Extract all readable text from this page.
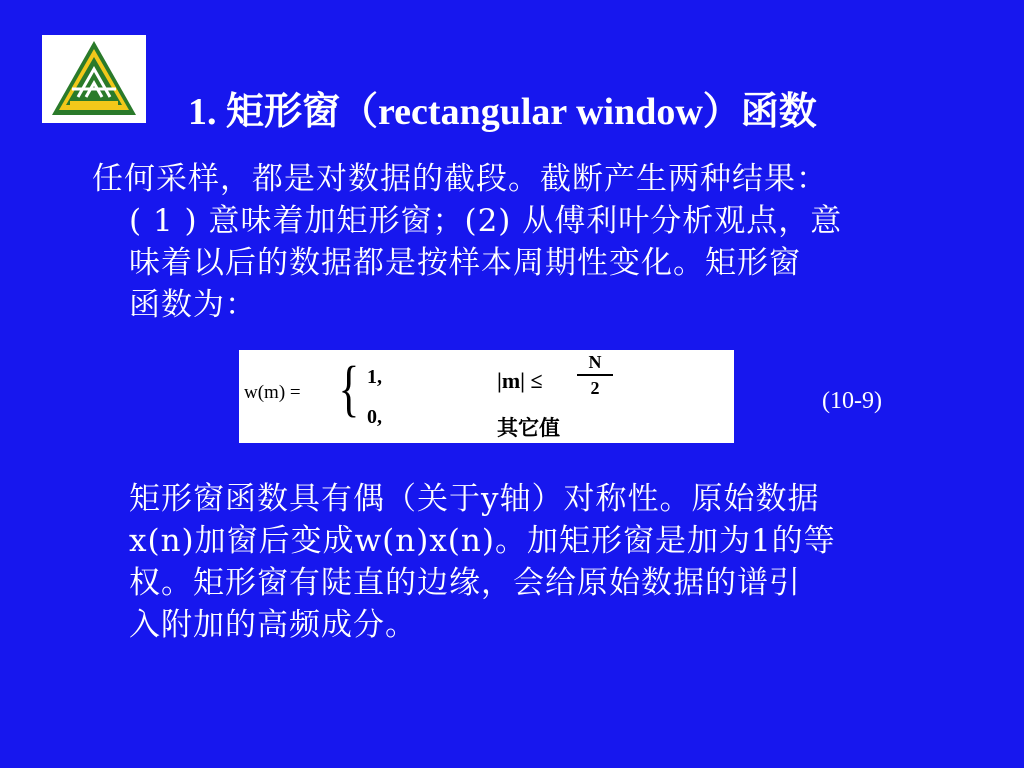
1. 矩形窗（rectangular window）函数
任何采样，都是对数据的截段。截断产生两种结果：
( 1 ) 意味着加矩形窗；(2) 从傅利叶分析观点，意
味着以后的数据都是按样本周期性变化。矩形窗
函数为：
w(m) = { 1,
0,
|m| ≤
N
2
其它值
(10-9)
矩形窗函数具有偶（关于y轴）对称性。原始数据
x(n)加窗后变成w(n)x(n)。加矩形窗是加为1的等
权。矩形窗有陡直的边缘，会给原始数据的谱引
入附加的高频成分。
